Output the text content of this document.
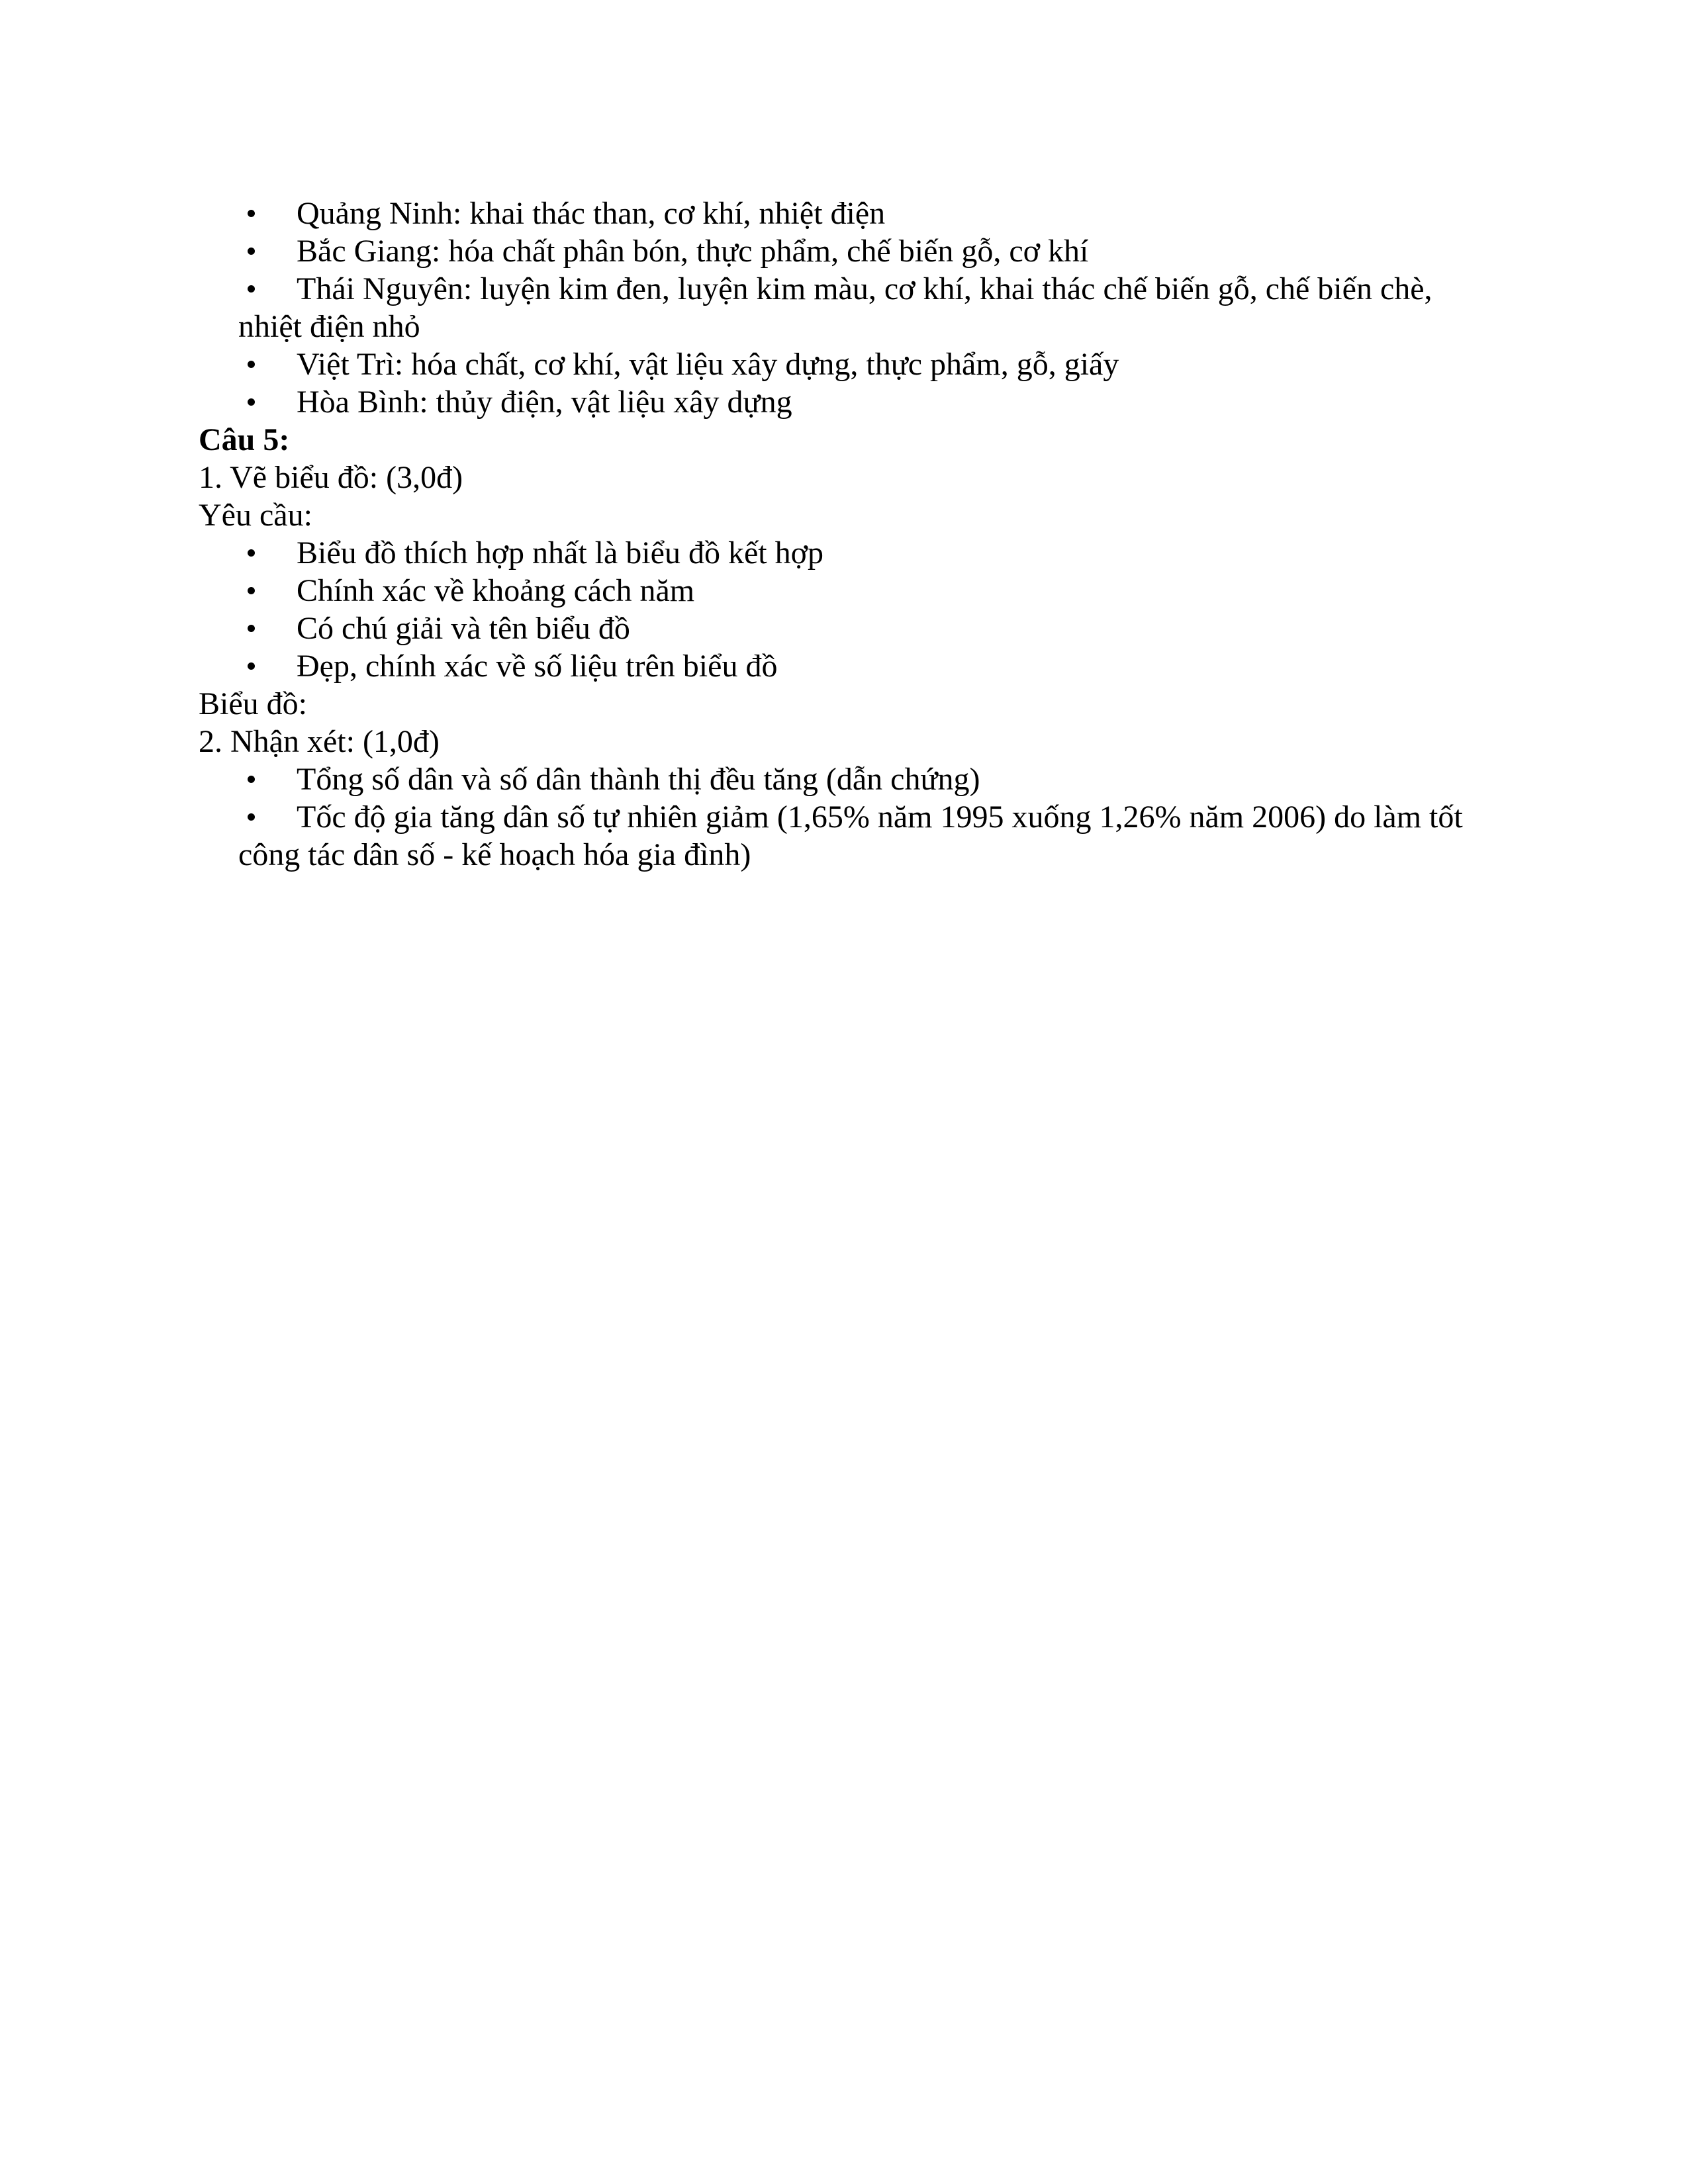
Quảng Ninh: khai thác than, cơ khí, nhiệt điện
Bắc Giang: hóa chất phân bón, thực phẩm, chế biến gỗ, cơ khí
Thái Nguyên: luyện kim đen, luyện kim màu, cơ khí, khai thác chế biến gỗ, chế biến chè, nhiệt điện nhỏ
Việt Trì: hóa chất, cơ khí, vật liệu xây dựng, thực phẩm, gỗ, giấy
Hòa Bình: thủy điện, vật liệu xây dựng

Câu 5:

1. Vẽ biểu đồ: (3,0đ)

Yêu cầu:

Biểu đồ thích hợp nhất là biểu đồ kết hợp
Chính xác về khoảng cách năm
Có chú giải và tên biểu đồ
Đẹp, chính xác về số liệu trên biểu đồ

Biểu đồ:

2. Nhận xét: (1,0đ)

Tổng số dân và số dân thành thị đều tăng (dẫn chứng)
Tốc độ gia tăng dân số tự nhiên giảm (1,65% năm 1995 xuống 1,26% năm 2006) do làm tốt công tác dân số - kế hoạch hóa gia đình)
